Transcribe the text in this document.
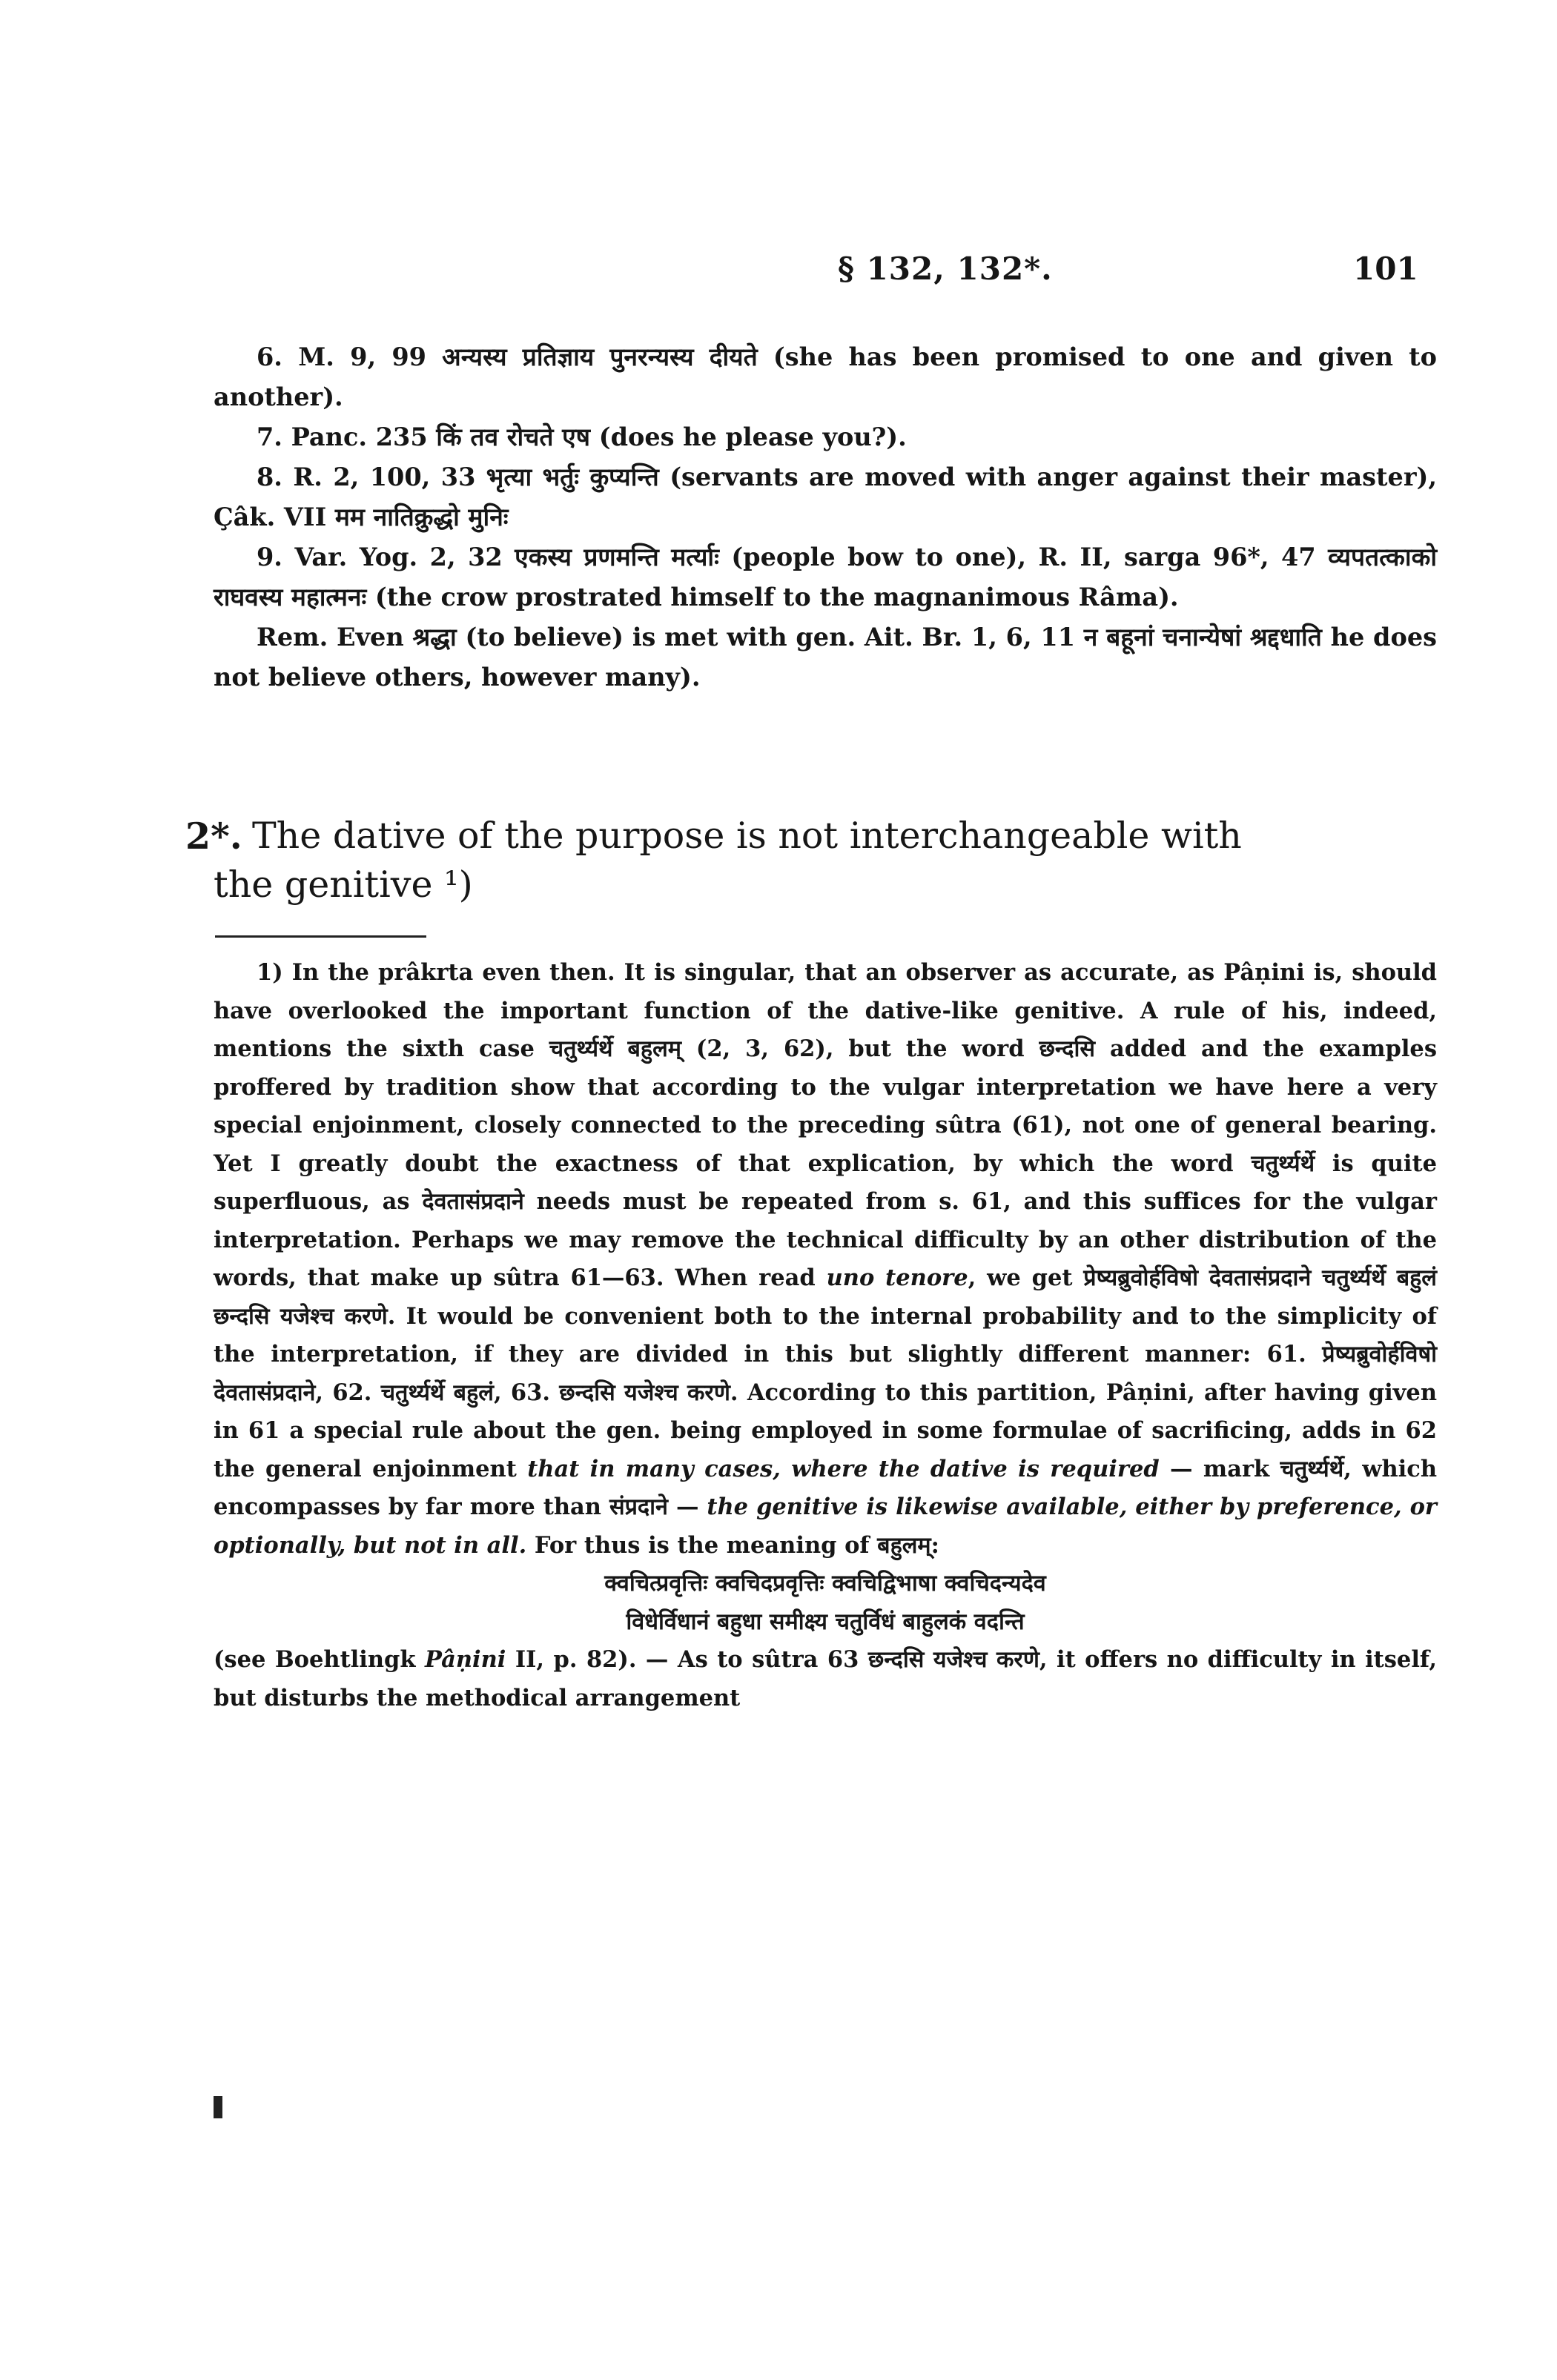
§ 132, 132*.	101

6. M. 9, 99 अन्यस्य प्रतिज्ञाय पुनरन्यस्य दीयते (she has been promised to one and given to another).

7. Panc. 235 किं तव रोचते एष (does he please you?).

8. R. 2, 100, 33 भृत्या भर्तुः कुप्यन्ति (servants are moved with anger against their master), Çâk. VII मम नातिक्रुद्धो मुनिः

9. Var. Yog. 2, 32 एकस्य प्रणमन्ति मर्त्याः (people bow to one), R. II, sarga 96*, 47 व्यपतत्काको राघवस्य महात्मनः (the crow prostrated himself to the magnanimous Râma).

Rem. Even श्रद्धा (to believe) is met with gen. Ait. Br. 1, 6, 11 न बहूनां चनान्येषां श्रद्दधाति he does not believe others, however many).

2*. The dative of the purpose is not interchangeable with
the genitive ¹)

1) In the prâkrta even then. It is singular, that an observer as accurate, as Pâṇini is, should have overlooked the important function of the dative-like genitive. A rule of his, indeed, mentions the sixth case चतुर्थ्यर्थे बहुलम् (2, 3, 62), but the word छन्दसि added and the examples proffered by tradition show that according to the vulgar interpretation we have here a very special enjoinment, closely connected to the preceding sûtra (61), not one of general bearing. Yet I greatly doubt the exactness of that explication, by which the word चतुर्थ्यर्थे is quite superfluous, as देवतासंप्रदाने needs must be repeated from s. 61, and this suffices for the vulgar interpretation. Perhaps we may remove the technical difficulty by an other distribution of the words, that make up sûtra 61—63. When read uno tenore, we get प्रेष्यब्रुवोर्हविषो देवतासंप्रदाने चतुर्थ्यर्थे बहुलं छन्दसि यजेश्च करणे. It would be convenient both to the internal probability and to the simplicity of the interpretation, if they are divided in this but slightly different manner: 61. प्रेष्यब्रुवोर्हविषो देवतासंप्रदाने, 62. चतुर्थ्यर्थे बहुलं, 63. छन्दसि यजेश्च करणे. According to this partition, Pâṇini, after having given in 61 a special rule about the gen. being employed in some formulae of sacrificing, adds in 62 the general enjoinment that in many cases, where the dative is required — mark चतुर्थ्यर्थे, which encompasses by far more than संप्रदाने — the genitive is likewise available, either by preference, or optionally, but not in all. For thus is the meaning of बहुलम्:

क्वचित्प्रवृत्तिः क्वचिदप्रवृत्तिः क्वचिद्विभाषा क्वचिदन्यदेव
विधेर्विधानं बहुधा समीक्ष्य चतुर्विधं बाहुलकं वदन्ति

(see Boehtlingk Pâṇini II, p. 82). — As to sûtra 63 छन्दसि यजेश्च करणे, it offers no difficulty in itself, but disturbs the methodical arrangement
